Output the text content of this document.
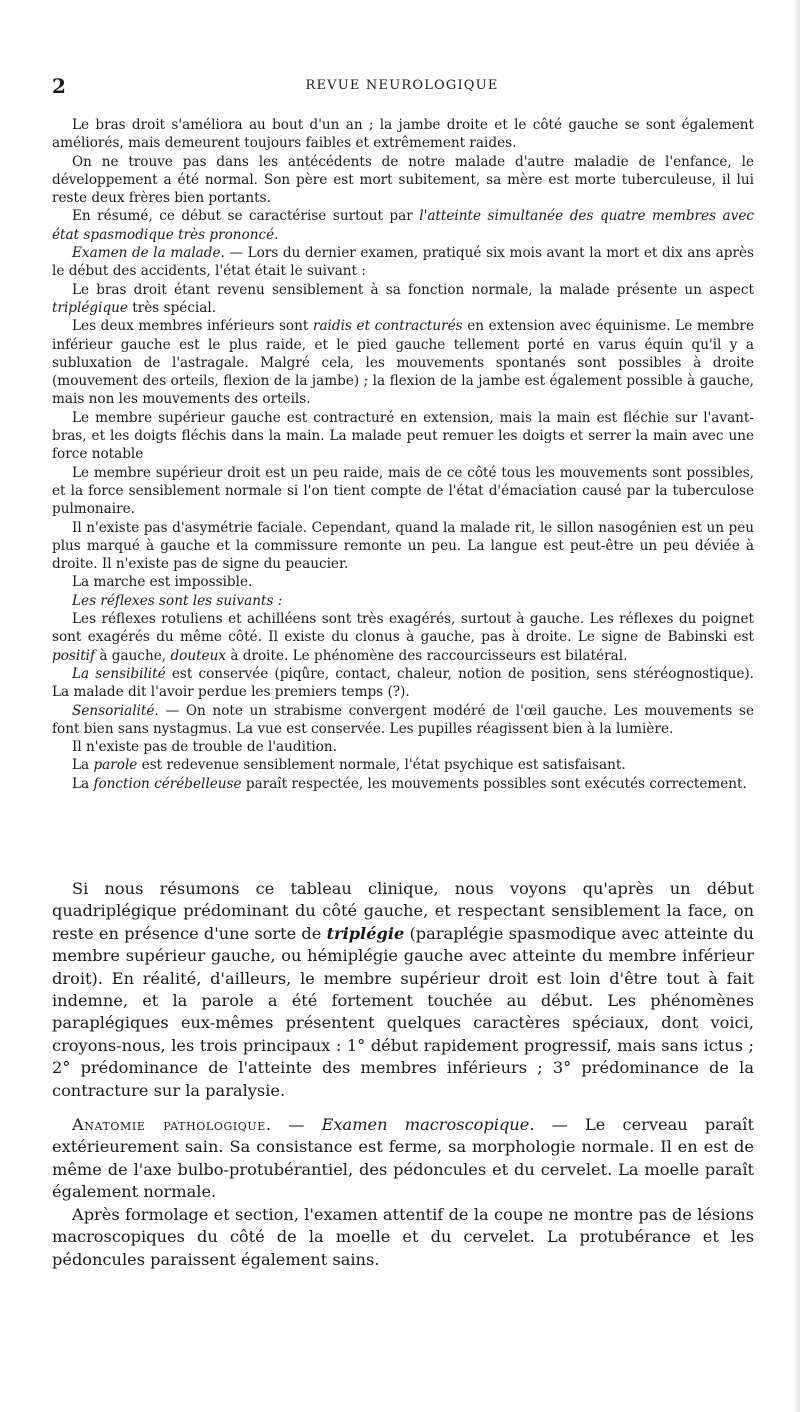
2	REVUE NEUROLOGIQUE

Le bras droit s'améliora au bout d'un an ; la jambe droite et le côté gauche se sont également améliorés, mais demeurent toujours faibles et extrêmement raides.

On ne trouve pas dans les antécédents de notre malade d'autre maladie de l'enfance, le développement a été normal. Son père est mort subitement, sa mère est morte tuberculeuse, il lui reste deux frères bien portants.

En résumé, ce début se caractérise surtout par l'atteinte simultanée des quatre membres avec état spasmodique très prononcé.

Examen de la malade. — Lors du dernier examen, pratiqué six mois avant la mort et dix ans après le début des accidents, l'état était le suivant :

Le bras droit étant revenu sensiblement à sa fonction normale, la malade présente un aspect triplégique très spécial.

Les deux membres inférieurs sont raidis et contracturés en extension avec équinisme. Le membre inférieur gauche est le plus raide, et le pied gauche tellement porté en varus équin qu'il y a subluxation de l'astragale. Malgré cela, les mouvements spontanés sont possibles à droite (mouvement des orteils, flexion de la jambe) ; la flexion de la jambe est également possible à gauche, mais non les mouvements des orteils.

Le membre supérieur gauche est contracturé en extension, mais la main est fléchie sur l'avant-bras, et les doigts fléchis dans la main. La malade peut remuer les doigts et serrer la main avec une force notable

Le membre supérieur droit est un peu raide, mais de ce côté tous les mouvements sont possibles, et la force sensiblement normale si l'on tient compte de l'état d'émaciation causé par la tuberculose pulmonaire.

Il n'existe pas d'asymétrie faciale. Cependant, quand la malade rit, le sillon nasogénien est un peu plus marqué à gauche et la commissure remonte un peu. La langue est peut-être un peu déviée à droite. Il n'existe pas de signe du peaucier.

La marche est impossible.

Les réflexes sont les suivants :

Les réflexes rotuliens et achilléens sont très exagérés, surtout à gauche. Les réflexes du poignet sont exagérés du même côté. Il existe du clonus à gauche, pas à droite. Le signe de Babinski est positif à gauche, douteux à droite. Le phénomène des raccourcisseurs est bilatéral.

La sensibilité est conservée (piqûre, contact, chaleur, notion de position, sens stéréognostique). La malade dit l'avoir perdue les premiers temps (?).

Sensorialité. — On note un strabisme convergent modéré de l'œil gauche. Les mouvements se font bien sans nystagmus. La vue est conservée. Les pupilles réagissent bien à la lumière.

Il n'existe pas de trouble de l'audition.

La parole est redevenue sensiblement normale, l'état psychique est satisfaisant.

La fonction cérébelleuse paraît respectée, les mouvements possibles sont exécutés correctement.

Si nous résumons ce tableau clinique, nous voyons qu'après un début quadriplégique prédominant du côté gauche, et respectant sensiblement la face, on reste en présence d'une sorte de triplégie (paraplégie spasmodique avec atteinte du membre supérieur gauche, ou hémiplégie gauche avec atteinte du membre inférieur droit). En réalité, d'ailleurs, le membre supérieur droit est loin d'être tout à fait indemne, et la parole a été fortement touchée au début. Les phénomènes paraplégiques eux-mêmes présentent quelques caractères spéciaux, dont voici, croyons-nous, les trois principaux : 1° début rapidement progressif, mais sans ictus ; 2° prédominance de l'atteinte des membres inférieurs ; 3° prédominance de la contracture sur la paralysie.

Anatomie pathologique. — Examen macroscopique. — Le cerveau paraît extérieurement sain. Sa consistance est ferme, sa morphologie normale. Il en est de même de l'axe bulbo-protubérantiel, des pédoncules et du cervelet. La moelle paraît également normale.

Après formolage et section, l'examen attentif de la coupe ne montre pas de lésions macroscopiques du côté de la moelle et du cervelet. La protubérance et les pédoncules paraissent également sains.
